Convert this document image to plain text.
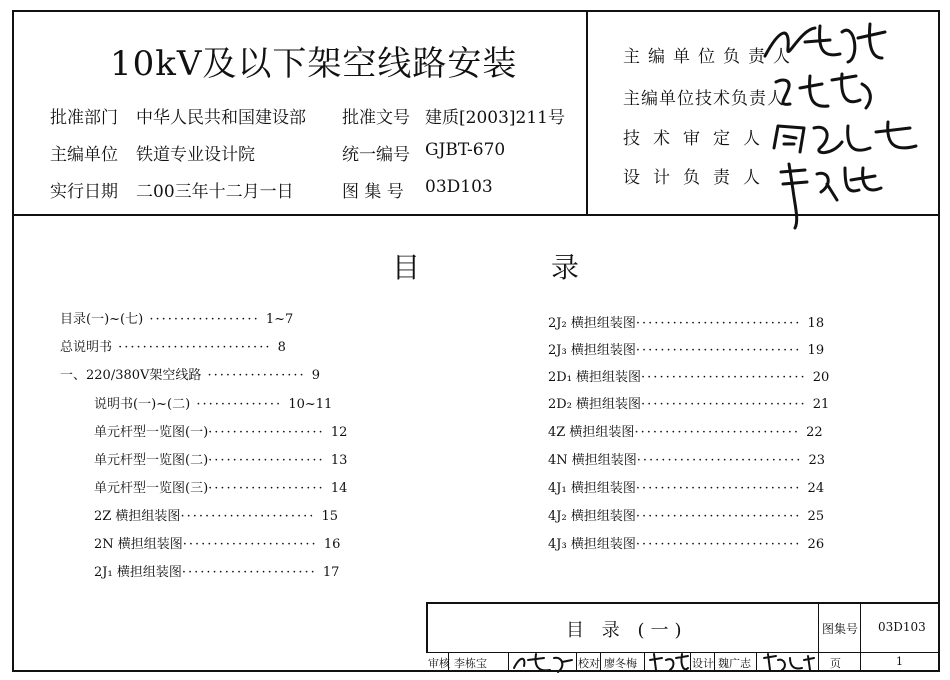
10kV及以下架空线路安装
批准部门 中华人民共和国建设部
主编单位 铁道专业设计院
实行日期 二00三年十二月一日
批准文号 建质[2003]211号
统一编号 GJBT-670
图 集 号 03D103
主编单位负责人
主编单位技术负责人
技术审定人
设计负责人
目	录
目录(一)~(七) ·················· 1~7
总说明书 ························· 8
一、220/380V架空线路 ················ 9
说明书(一)~(二) ·············· 10~11
单元杆型一览图(一)··················· 12
单元杆型一览图(二)··················· 13
单元杆型一览图(三)··················· 14
2Z 横担组装图······················ 15
2N 横担组装图······················ 16
2J₁ 横担组装图······················ 17
2J₂ 横担组装图··························· 18
2J₃ 横担组装图··························· 19
2D₁ 横担组装图··························· 20
2D₂ 横担组装图··························· 21
4Z 横担组装图··························· 22
4N 横担组装图··························· 23
4J₁ 横担组装图··························· 24
4J₂ 横担组装图··························· 25
4J₃ 横担组装图··························· 26
目 录 (一)	图集号 03D103
页	1
审核 李栋宝	校对 廖冬梅	设计 魏广志
